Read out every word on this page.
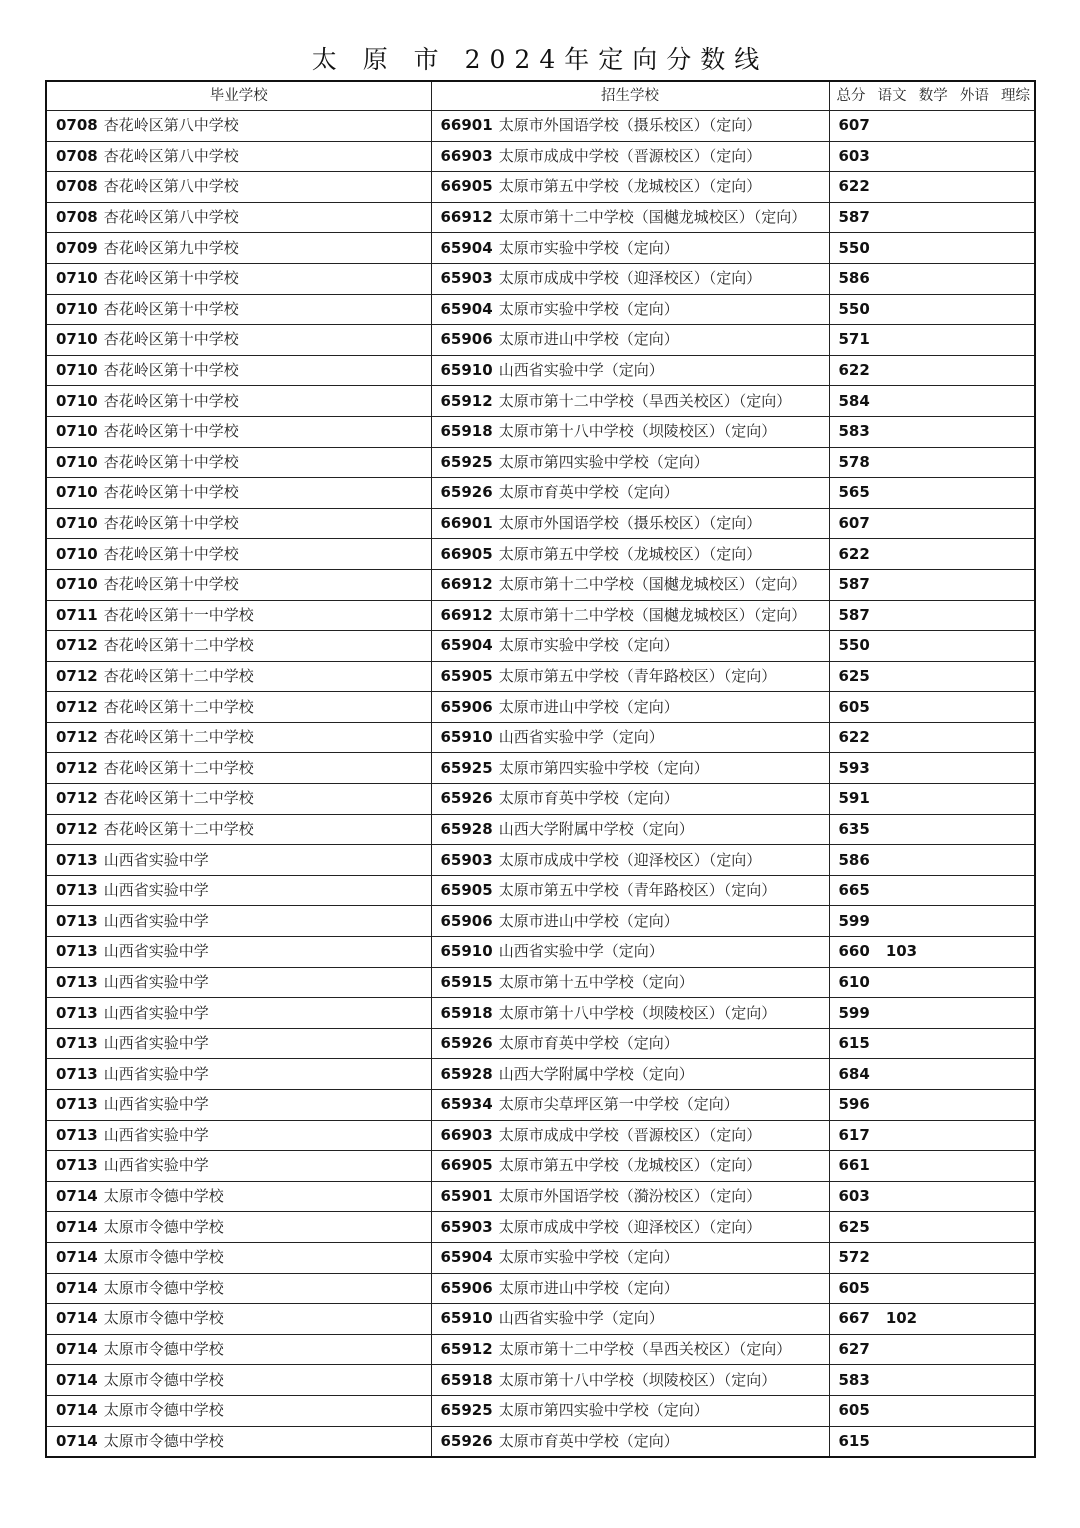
太 原 市 2024年定向分数线
毕业学校	招生学校	总分 语文 数学 外语 理综

0708 杏花岭区第八中学校	66901 太原市外国语学校（摄乐校区）（定向）	607
0708 杏花岭区第八中学校	66903 太原市成成中学校（晋源校区）（定向）	603
0708 杏花岭区第八中学校	66905 太原市第五中学校（龙城校区）（定向）	622
0708 杏花岭区第八中学校	66912 太原市第十二中学校（国樾龙城校区）（定向）	587
0709 杏花岭区第九中学校	65904 太原市实验中学校（定向）	550
0710 杏花岭区第十中学校	65903 太原市成成中学校（迎泽校区）（定向）	586
0710 杏花岭区第十中学校	65904 太原市实验中学校（定向）	550
0710 杏花岭区第十中学校	65906 太原市进山中学校（定向）	571
0710 杏花岭区第十中学校	65910 山西省实验中学（定向）	622
0710 杏花岭区第十中学校	65912 太原市第十二中学校（旱西关校区）（定向）	584
0710 杏花岭区第十中学校	65918 太原市第十八中学校（坝陵校区）（定向）	583
0710 杏花岭区第十中学校	65925 太原市第四实验中学校（定向）	578
0710 杏花岭区第十中学校	65926 太原市育英中学校（定向）	565
0710 杏花岭区第十中学校	66901 太原市外国语学校（摄乐校区）（定向）	607
0710 杏花岭区第十中学校	66905 太原市第五中学校（龙城校区）（定向）	622
0710 杏花岭区第十中学校	66912 太原市第十二中学校（国樾龙城校区）（定向）	587
0711 杏花岭区第十一中学校	66912 太原市第十二中学校（国樾龙城校区）（定向）	587
0712 杏花岭区第十二中学校	65904 太原市实验中学校（定向）	550
0712 杏花岭区第十二中学校	65905 太原市第五中学校（青年路校区）（定向）	625
0712 杏花岭区第十二中学校	65906 太原市进山中学校（定向）	605
0712 杏花岭区第十二中学校	65910 山西省实验中学（定向）	622
0712 杏花岭区第十二中学校	65925 太原市第四实验中学校（定向）	593
0712 杏花岭区第十二中学校	65926 太原市育英中学校（定向）	591
0712 杏花岭区第十二中学校	65928 山西大学附属中学校（定向）	635
0713 山西省实验中学	65903 太原市成成中学校（迎泽校区）（定向）	586
0713 山西省实验中学	65905 太原市第五中学校（青年路校区）（定向）	665
0713 山西省实验中学	65906 太原市进山中学校（定向）	599
0713 山西省实验中学	65910 山西省实验中学（定向）	660 103
0713 山西省实验中学	65915 太原市第十五中学校（定向）	610
0713 山西省实验中学	65918 太原市第十八中学校（坝陵校区）（定向）	599
0713 山西省实验中学	65926 太原市育英中学校（定向）	615
0713 山西省实验中学	65928 山西大学附属中学校（定向）	684
0713 山西省实验中学	65934 太原市尖草坪区第一中学校（定向）	596
0713 山西省实验中学	66903 太原市成成中学校（晋源校区）（定向）	617
0713 山西省实验中学	66905 太原市第五中学校（龙城校区）（定向）	661
0714 太原市令德中学校	65901 太原市外国语学校（漪汾校区）（定向）	603
0714 太原市令德中学校	65903 太原市成成中学校（迎泽校区）（定向）	625
0714 太原市令德中学校	65904 太原市实验中学校（定向）	572
0714 太原市令德中学校	65906 太原市进山中学校（定向）	605
0714 太原市令德中学校	65910 山西省实验中学（定向）	667 102
0714 太原市令德中学校	65912 太原市第十二中学校（旱西关校区）（定向）	627
0714 太原市令德中学校	65918 太原市第十八中学校（坝陵校区）（定向）	583
0714 太原市令德中学校	65925 太原市第四实验中学校（定向）	605
0714 太原市令德中学校	65926 太原市育英中学校（定向）	615
